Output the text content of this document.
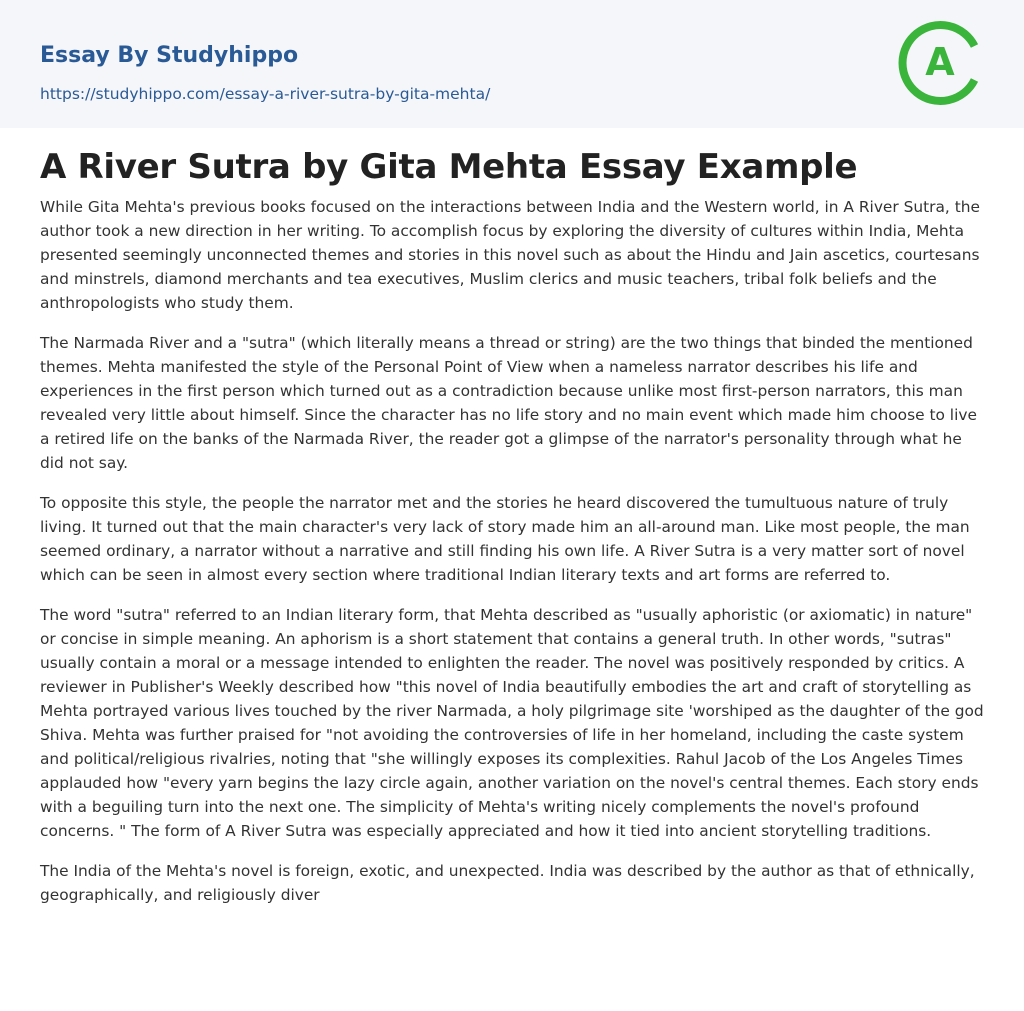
Essay By Studyhippo
https://studyhippo.com/essay-a-river-sutra-by-gita-mehta/
A
A River Sutra by Gita Mehta Essay Example

While Gita Mehta's previous books focused on the interactions between India and the Western world, in A River Sutra, the author took a new direction in her writing. To accomplish focus by exploring the diversity of cultures within India, Mehta presented seemingly unconnected themes and stories in this novel such as about the Hindu and Jain ascetics, courtesans and minstrels, diamond merchants and tea executives, Muslim clerics and music teachers, tribal folk beliefs and the anthropologists who study them.

The Narmada River and a "sutra" (which literally means a thread or string) are the two things that binded the mentioned themes. Mehta manifested the style of the Personal Point of View when a nameless narrator describes his life and experiences in the first person which turned out as a contradiction because unlike most first-person narrators, this man revealed very little about himself. Since the character has no life story and no main event which made him choose to live a retired life on the banks of the Narmada River, the reader got a glimpse of the narrator's personality through what he did not say.

To opposite this style, the people the narrator met and the stories he heard discovered the tumultuous nature of truly living. It turned out that the main character's very lack of story made him an all-around man. Like most people, the man seemed ordinary, a narrator without a narrative and still finding his own life. A River Sutra is a very matter sort of novel which can be seen in almost every section where traditional Indian literary texts and art forms are referred to.

The word "sutra" referred to an Indian literary form, that Mehta described as "usually aphoristic (or axiomatic) in nature" or concise in simple meaning. An aphorism is a short statement that contains a general truth. In other words, "sutras" usually contain a moral or a message intended to enlighten the reader. The novel was positively responded by critics. A reviewer in Publisher's Weekly described how "this novel of India beautifully embodies the art and craft of storytelling as Mehta portrayed various lives touched by the river Narmada, a holy pilgrimage site 'worshiped as the daughter of the god Shiva. Mehta was further praised for "not avoiding the controversies of life in her homeland, including the caste system and political/religious rivalries, noting that "she willingly exposes its complexities. Rahul Jacob of the Los Angeles Times applauded how "every yarn begins the lazy circle again, another variation on the novel's central themes. Each story ends with a beguiling turn into the next one. The simplicity of Mehta's writing nicely complements the novel's profound concerns. " The form of A River Sutra was especially appreciated and how it tied into ancient storytelling traditions.

The India of the Mehta's novel is foreign, exotic, and unexpected. India was described by the author as that of ethnically, geographically, and religiously diver
